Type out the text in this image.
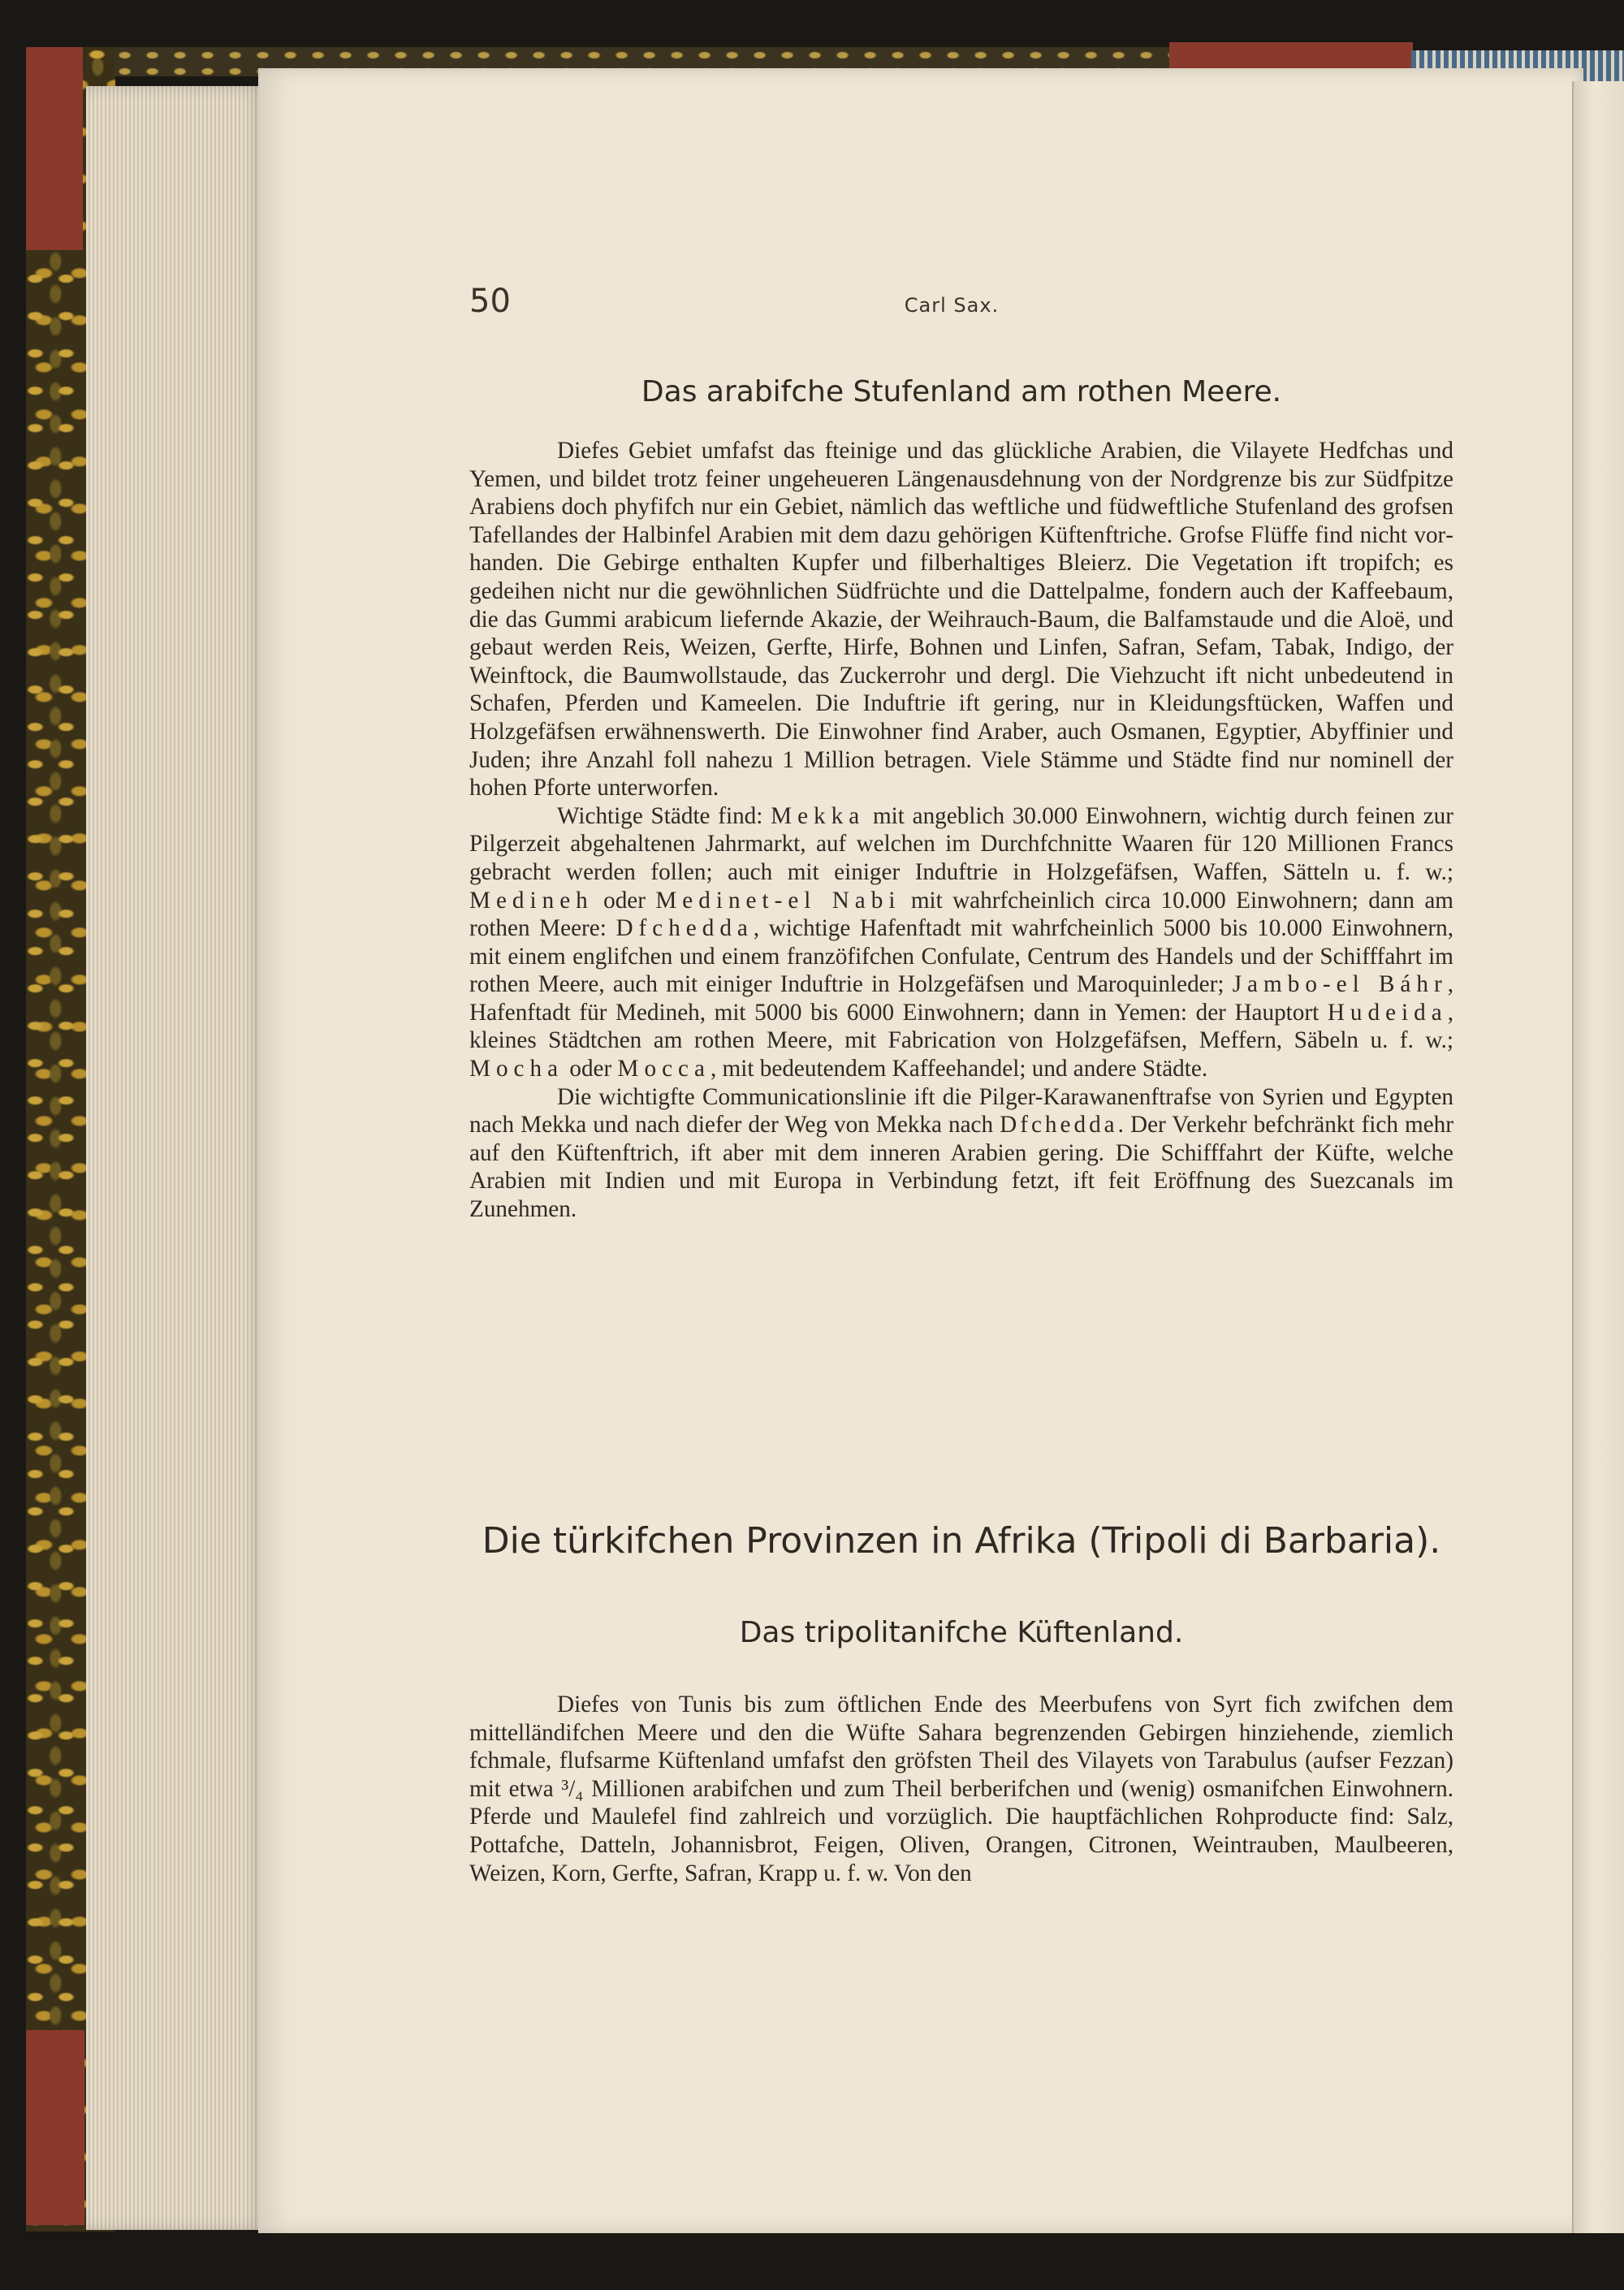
50	Carl Sax.
Das arabifche Stufenland am rothen Meere.

Diefes Gebiet umfafst das fteinige und das glückliche Arabien, die Vilayete Hedfchas und Yemen, und bildet trotz feiner ungeheueren Längenausdehnung von der Nordgrenze bis zur Südfpitze Arabiens doch phyfifch nur ein Gebiet, nämlich das weftliche und füdweftliche Stufenland des grofsen Tafellandes der Halbinfel Arabien mit dem dazu gehörigen Küftenftriche. Grofse Flüffe find nicht vorhanden. Die Gebirge enthalten Kupfer und filberhaltiges Bleierz. Die Vegetation ift tropifch; es gedeihen nicht nur die gewöhnlichen Südfrüchte und die Dattelpalme, fondern auch der Kaffeebaum, die das Gummi arabicum liefernde Akazie, der Weihrauch-Baum, die Balfamstaude und die Aloë, und gebaut werden Reis, Weizen, Gerfte, Hirfe, Bohnen und Linfen, Safran, Sefam, Tabak, Indigo, der Weinftock, die Baumwollstaude, das Zuckerrohr und dergl. Die Viehzucht ift nicht unbedeutend in Schafen, Pferden und Kameelen. Die Induftrie ift gering, nur in Kleidungsftücken, Waffen und Holzgefäfsen erwähnenswerth. Die Einwohner find Araber, auch Osmanen, Egyptier, Abyffinier und Juden; ihre Anzahl foll nahezu 1 Million betragen. Viele Stämme und Städte find nur nominell der hohen Pforte unterworfen.

Wichtige Städte find: Mekka mit angeblich 30.000 Einwohnern, wichtig durch feinen zur Pilgerzeit abgehaltenen Jahrmarkt, auf welchen im Durchfchnitte Waaren für 120 Millionen Francs gebracht werden follen; auch mit einiger Induftrie in Holzgefäfsen, Waffen, Sätteln u. f. w.; Medineh oder Medinet-el Nabi mit wahrfcheinlich circa 10.000 Einwohnern; dann am rothen Meere: Dfchedda, wichtige Hafenftadt mit wahrfcheinlich 5000 bis 10.000 Einwohnern, mit einem englifchen und einem franzöfifchen Confulate, Centrum des Handels und der Schifffahrt im rothen Meere, auch mit einiger Induftrie in Holzgefäfsen und Maroquinleder; Jambo-el Báhr, Hafenftadt für Medineh, mit 5000 bis 6000 Einwohnern; dann in Yemen: der Hauptort Hudeida, kleines Städtchen am rothen Meere, mit Fabrication von Holzgefäfsen, Meffern, Säbeln u. f. w.; Mocha oder Mocca, mit bedeutendem Kaffeehandel; und andere Städte.

Die wichtigfte Communicationslinie ift die Pilger-Karawanenftrafse von Syrien und Egypten nach Mekka und nach diefer der Weg von Mekka nach Dfchedda. Der Verkehr befchränkt fich mehr auf den Küftenftrich, ift aber mit dem inneren Arabien gering. Die Schifffahrt der Küfte, welche Arabien mit Indien und mit Europa in Verbindung fetzt, ift feit Eröffnung des Suezcanals im Zunehmen.

Die türkifchen Provinzen in Afrika (Tripoli di Barbaria).
Das tripolitanifche Küftenland.

Diefes von Tunis bis zum öftlichen Ende des Meerbufens von Syrt fich zwifchen dem mittelländifchen Meere und den die Wüfte Sahara begrenzenden Gebirgen hinziehende, ziemlich fchmale, flufsarme Küftenland umfafst den gröfsten Theil des Vilayets von Tarabulus (aufser Fezzan) mit etwa ³/₄ Millionen arabifchen und zum Theil berberifchen und (wenig) osmanifchen Einwohnern. Pferde und Maulefel find zahlreich und vorzüglich. Die hauptfächlichen Rohproducte find: Salz, Pottafche, Datteln, Johannisbrot, Feigen, Oliven, Orangen, Citronen, Weintrauben, Maulbeeren, Weizen, Korn, Gerfte, Safran, Krapp u. f. w. Von den
